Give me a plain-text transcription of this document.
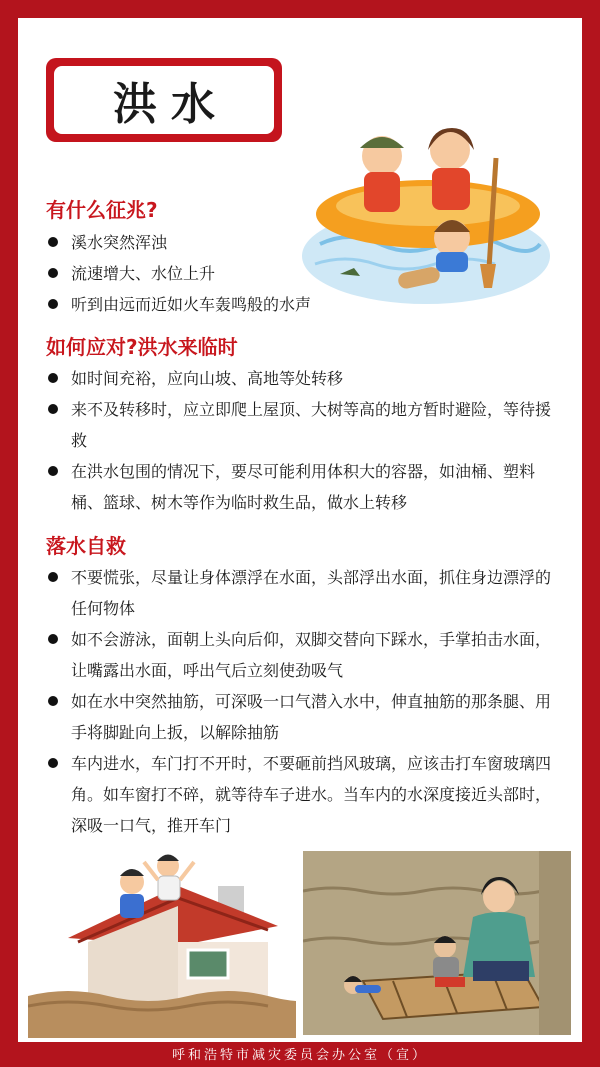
洪水
有什么征兆?
溪水突然浑浊
流速增大、水位上升
听到由远而近如火车轰鸣般的水声
如何应对?洪水来临时
如时间充裕，应向山坡、高地等处转移
来不及转移时，应立即爬上屋顶、大树等高的地方暂时避险，等待援救
在洪水包围的情况下，要尽可能利用体积大的容器，如油桶、塑料桶、篮球、树木等作为临时救生品，做水上转移
落水自救
不要慌张，尽量让身体漂浮在水面，头部浮出水面，抓住身边漂浮的任何物体
如不会游泳，面朝上头向后仰，双脚交替向下踩水，手掌拍击水面，让嘴露出水面，呼出气后立刻使劲吸气
如在水中突然抽筋，可深吸一口气潜入水中，伸直抽筋的那条腿、用手将脚趾向上扳，以解除抽筋
车内进水，车门打不开时，不要砸前挡风玻璃，应该击打车窗玻璃四角。如车窗打不碎，就等待车子进水。当车内的水深度接近头部时，深吸一口气，推开车门
呼和浩特市减灾委员会办公室（宣）
